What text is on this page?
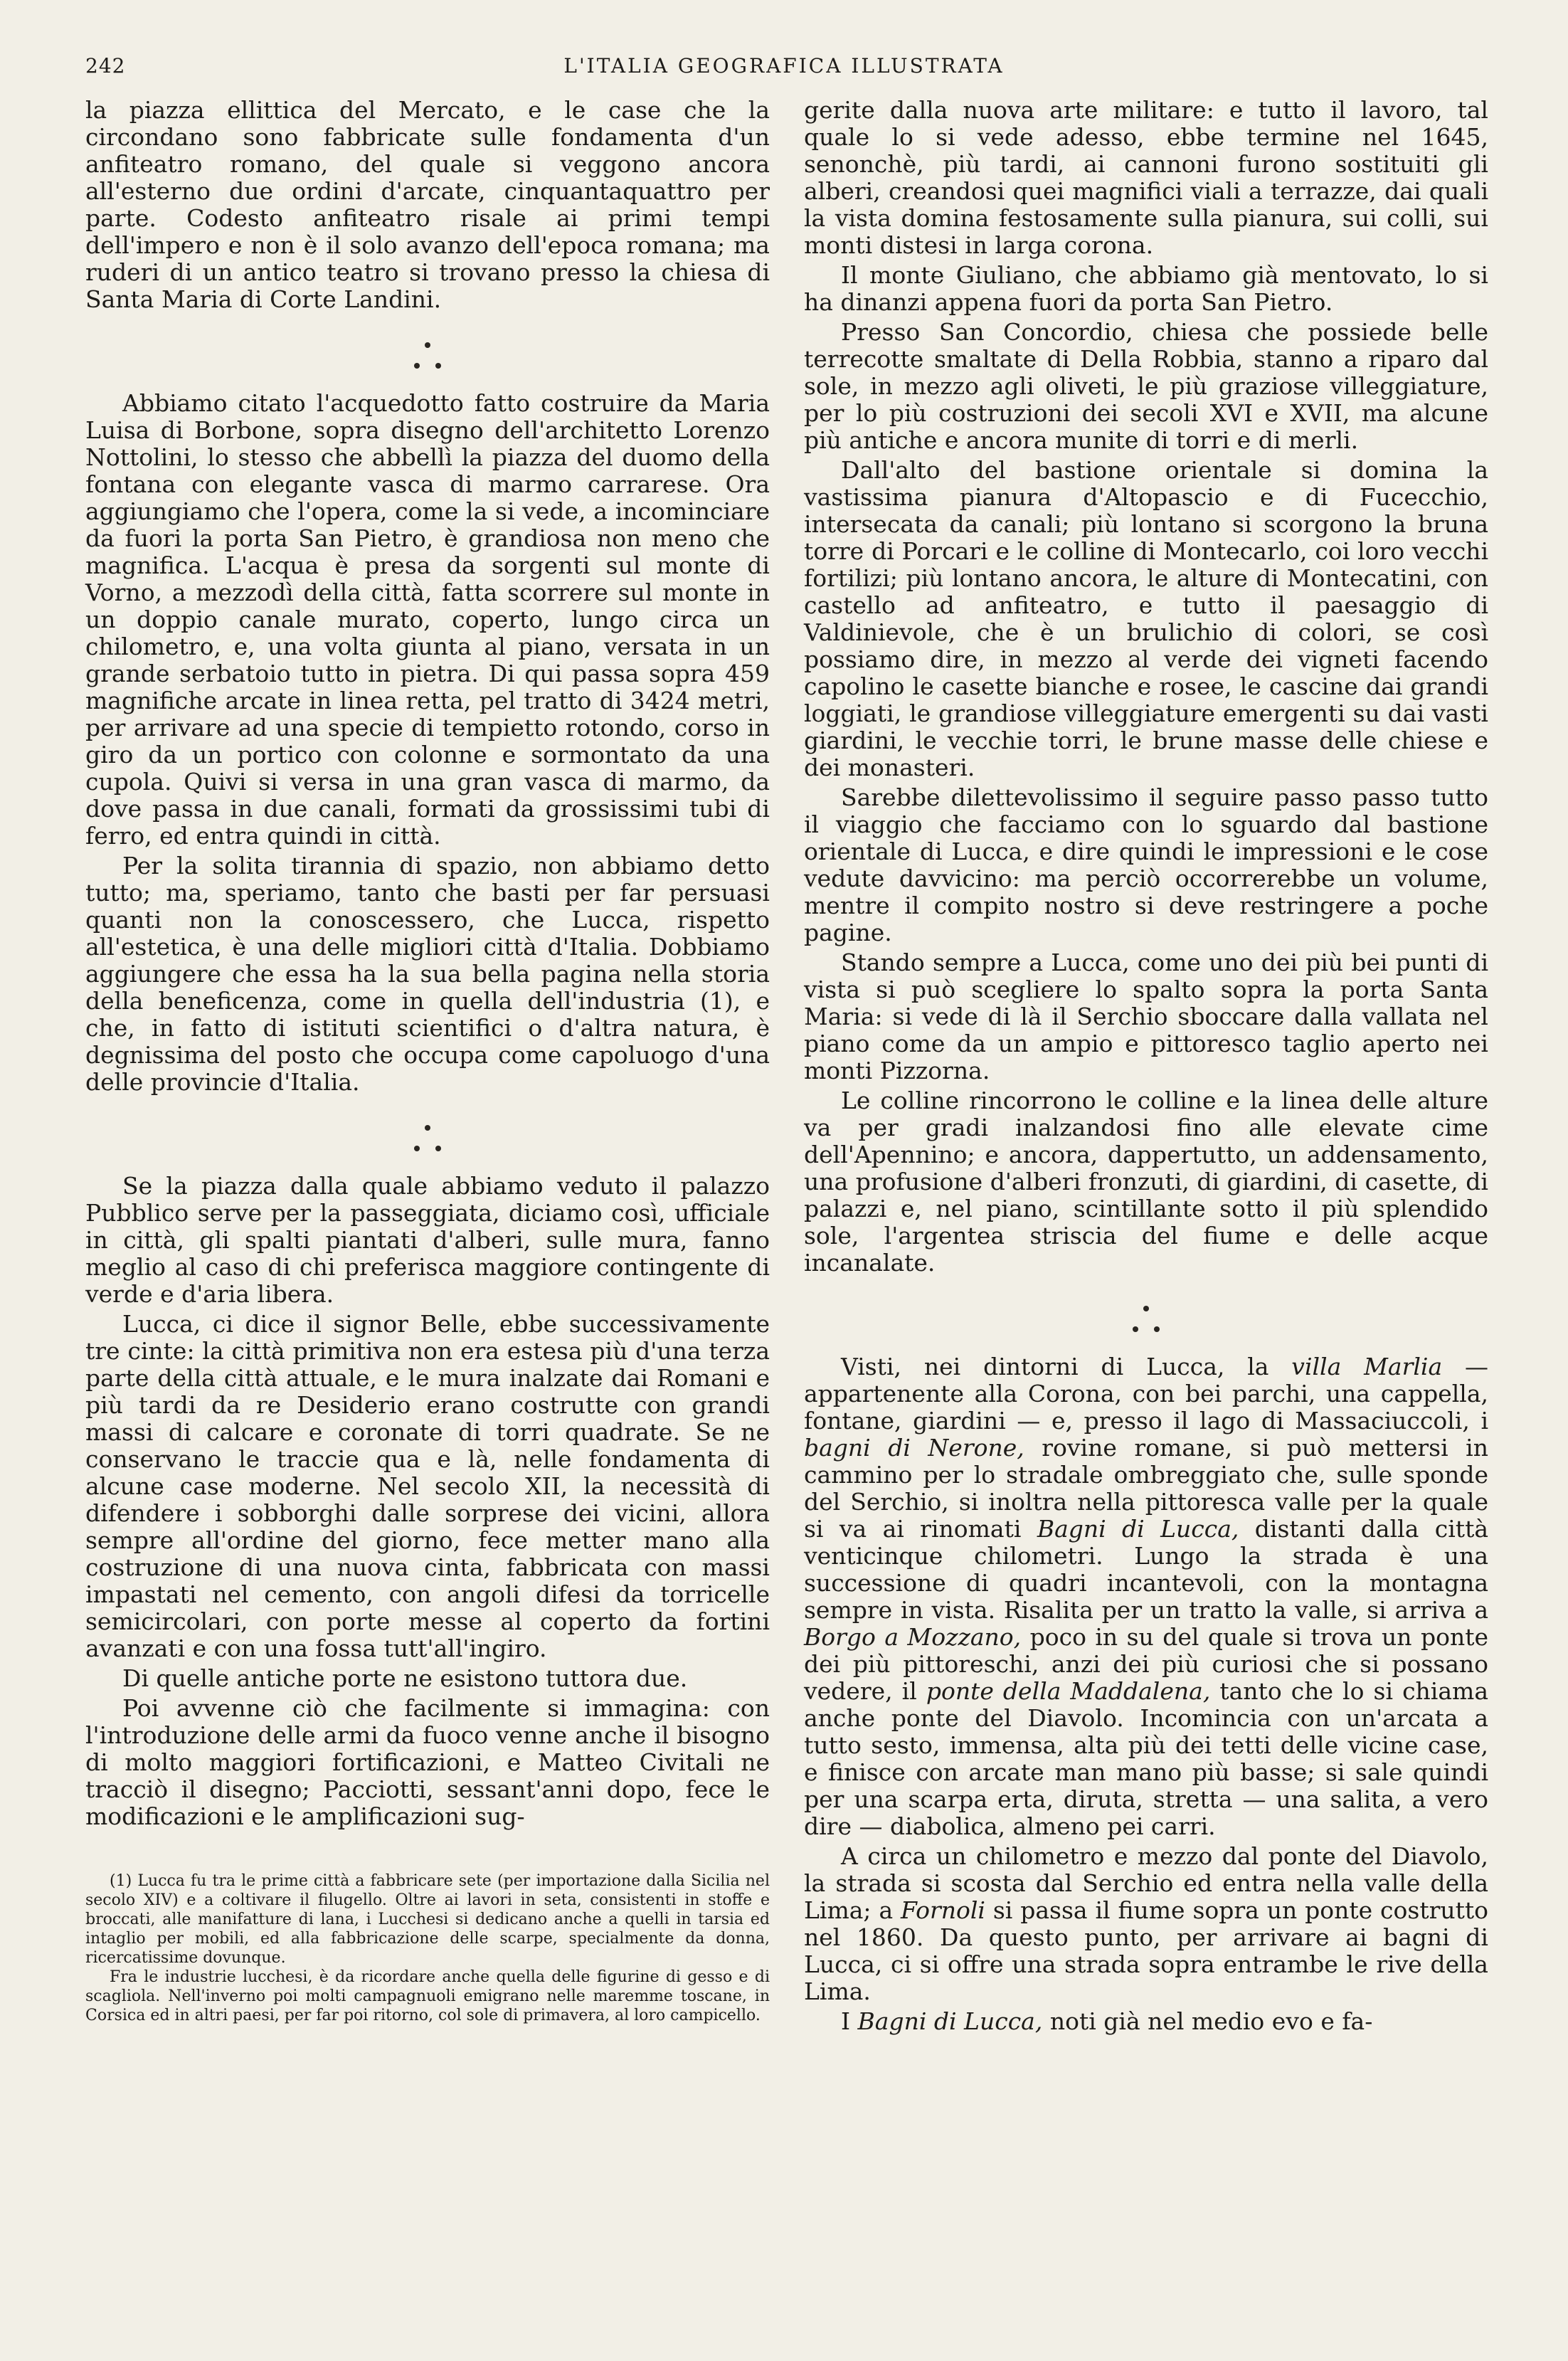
242	L'ITALIA GEOGRAFICA ILLUSTRATA

la piazza ellittica del Mercato, e le case che la circondano sono fabbricate sulle fondamenta d'un anfiteatro romano, del quale si veggono ancora all'esterno due ordini d'arcate, cinquantaquattro per parte. Codesto anfiteatro risale ai primi tempi dell'impero e non è il solo avanzo dell'epoca romana; ma ruderi di un antico teatro si trovano presso la chiesa di Santa Maria di Corte Landini.

Abbiamo citato l'acquedotto fatto costruire da Maria Luisa di Borbone, sopra disegno dell'architetto Lorenzo Nottolini, lo stesso che abbellì la piazza del duomo della fontana con elegante vasca di marmo carrarese. Ora aggiungiamo che l'opera, come la si vede, a incominciare da fuori la porta San Pietro, è grandiosa non meno che magnifica. L'acqua è presa da sorgenti sul monte di Vorno, a mezzodì della città, fatta scorrere sul monte in un doppio canale murato, coperto, lungo circa un chilometro, e, una volta giunta al piano, versata in un grande serbatoio tutto in pietra. Di qui passa sopra 459 magnifiche arcate in linea retta, pel tratto di 3424 metri, per arrivare ad una specie di tempietto rotondo, corso in giro da un portico con colonne e sormontato da una cupola. Quivi si versa in una gran vasca di marmo, da dove passa in due canali, formati da grossissimi tubi di ferro, ed entra quindi in città.

Per la solita tirannia di spazio, non abbiamo detto tutto; ma, speriamo, tanto che basti per far persuasi quanti non la conoscessero, che Lucca, rispetto all'estetica, è una delle migliori città d'Italia. Dobbiamo aggiungere che essa ha la sua bella pagina nella storia della beneficenza, come in quella dell'industria (1), e che, in fatto di istituti scientifici o d'altra natura, è degnissima del posto che occupa come capoluogo d'una delle provincie d'Italia.

Se la piazza dalla quale abbiamo veduto il palazzo Pubblico serve per la passeggiata, diciamo così, ufficiale in città, gli spalti piantati d'alberi, sulle mura, fanno meglio al caso di chi preferisca maggiore contingente di verde e d'aria libera.

Lucca, ci dice il signor Belle, ebbe successivamente tre cinte: la città primitiva non era estesa più d'una terza parte della città attuale, e le mura inalzate dai Romani e più tardi da re Desiderio erano costrutte con grandi massi di calcare e coronate di torri quadrate. Se ne conservano le traccie qua e là, nelle fondamenta di alcune case moderne. Nel secolo XII, la necessità di difendere i sobborghi dalle sorprese dei vicini, allora sempre all'ordine del giorno, fece metter mano alla costruzione di una nuova cinta, fabbricata con massi impastati nel cemento, con angoli difesi da torricelle semicircolari, con porte messe al coperto da fortini avanzati e con una fossa tutt'all'ingiro.

Di quelle antiche porte ne esistono tuttora due.

Poi avvenne ciò che facilmente si immagina: con l'introduzione delle armi da fuoco venne anche il bisogno di molto maggiori fortificazioni, e Matteo Civitali ne tracciò il disegno; Pacciotti, sessant'anni dopo, fece le modificazioni e le amplificazioni sug-

(1) Lucca fu tra le prime città a fabbricare sete (per importazione dalla Sicilia nel secolo XIV) e a coltivare il filugello. Oltre ai lavori in seta, consistenti in stoffe e broccati, alle manifatture di lana, i Lucchesi si dedicano anche a quelli in tarsia ed intaglio per mobili, ed alla fabbricazione delle scarpe, specialmente da donna, ricercatissime dovunque.

Fra le industrie lucchesi, è da ricordare anche quella delle figurine di gesso e di scagliola. Nell'inverno poi molti campagnuoli emigrano nelle maremme toscane, in Corsica ed in altri paesi, per far poi ritorno, col sole di primavera, al loro campicello.

gerite dalla nuova arte militare: e tutto il lavoro, tal quale lo si vede adesso, ebbe termine nel 1645, senonchè, più tardi, ai cannoni furono sostituiti gli alberi, creandosi quei magnifici viali a terrazze, dai quali la vista domina festosamente sulla pianura, sui colli, sui monti distesi in larga corona.

Il monte Giuliano, che abbiamo già mentovato, lo si ha dinanzi appena fuori da porta San Pietro.

Presso San Concordio, chiesa che possiede belle terrecotte smaltate di Della Robbia, stanno a riparo dal sole, in mezzo agli oliveti, le più graziose villeggiature, per lo più costruzioni dei secoli XVI e XVII, ma alcune più antiche e ancora munite di torri e di merli.

Dall'alto del bastione orientale si domina la vastissima pianura d'Altopascio e di Fucecchio, intersecata da canali; più lontano si scorgono la bruna torre di Porcari e le colline di Montecarlo, coi loro vecchi fortilizi; più lontano ancora, le alture di Montecatini, con castello ad anfiteatro, e tutto il paesaggio di Valdinievole, che è un brulichio di colori, se così possiamo dire, in mezzo al verde dei vigneti facendo capolino le casette bianche e rosee, le cascine dai grandi loggiati, le grandiose villeggiature emergenti su dai vasti giardini, le vecchie torri, le brune masse delle chiese e dei monasteri.

Sarebbe dilettevolissimo il seguire passo passo tutto il viaggio che facciamo con lo sguardo dal bastione orientale di Lucca, e dire quindi le impressioni e le cose vedute davvicino: ma perciò occorrerebbe un volume, mentre il compito nostro si deve restringere a poche pagine.

Stando sempre a Lucca, come uno dei più bei punti di vista si può scegliere lo spalto sopra la porta Santa Maria: si vede di là il Serchio sboccare dalla vallata nel piano come da un ampio e pittoresco taglio aperto nei monti Pizzorna.

Le colline rincorrono le colline e la linea delle alture va per gradi inalzandosi fino alle elevate cime dell'Apennino; e ancora, dappertutto, un addensamento, una profusione d'alberi fronzuti, di giardini, di casette, di palazzi e, nel piano, scintillante sotto il più splendido sole, l'argentea striscia del fiume e delle acque incanalate.

Visti, nei dintorni di Lucca, la villa Marlia — appartenente alla Corona, con bei parchi, una cappella, fontane, giardini — e, presso il lago di Massaciuccoli, i bagni di Nerone, rovine romane, si può mettersi in cammino per lo stradale ombreggiato che, sulle sponde del Serchio, si inoltra nella pittoresca valle per la quale si va ai rinomati Bagni di Lucca, distanti dalla città venticinque chilometri. Lungo la strada è una successione di quadri incantevoli, con la montagna sempre in vista. Risalita per un tratto la valle, si arriva a Borgo a Mozzano, poco in su del quale si trova un ponte dei più pittoreschi, anzi dei più curiosi che si possano vedere, il ponte della Maddalena, tanto che lo si chiama anche ponte del Diavolo. Incomincia con un'arcata a tutto sesto, immensa, alta più dei tetti delle vicine case, e finisce con arcate man mano più basse; si sale quindi per una scarpa erta, diruta, stretta — una salita, a vero dire — diabolica, almeno pei carri.

A circa un chilometro e mezzo dal ponte del Diavolo, la strada si scosta dal Serchio ed entra nella valle della Lima; a Fornoli si passa il fiume sopra un ponte costrutto nel 1860. Da questo punto, per arrivare ai bagni di Lucca, ci si offre una strada sopra entrambe le rive della Lima.

I Bagni di Lucca, noti già nel medio evo e fa-
